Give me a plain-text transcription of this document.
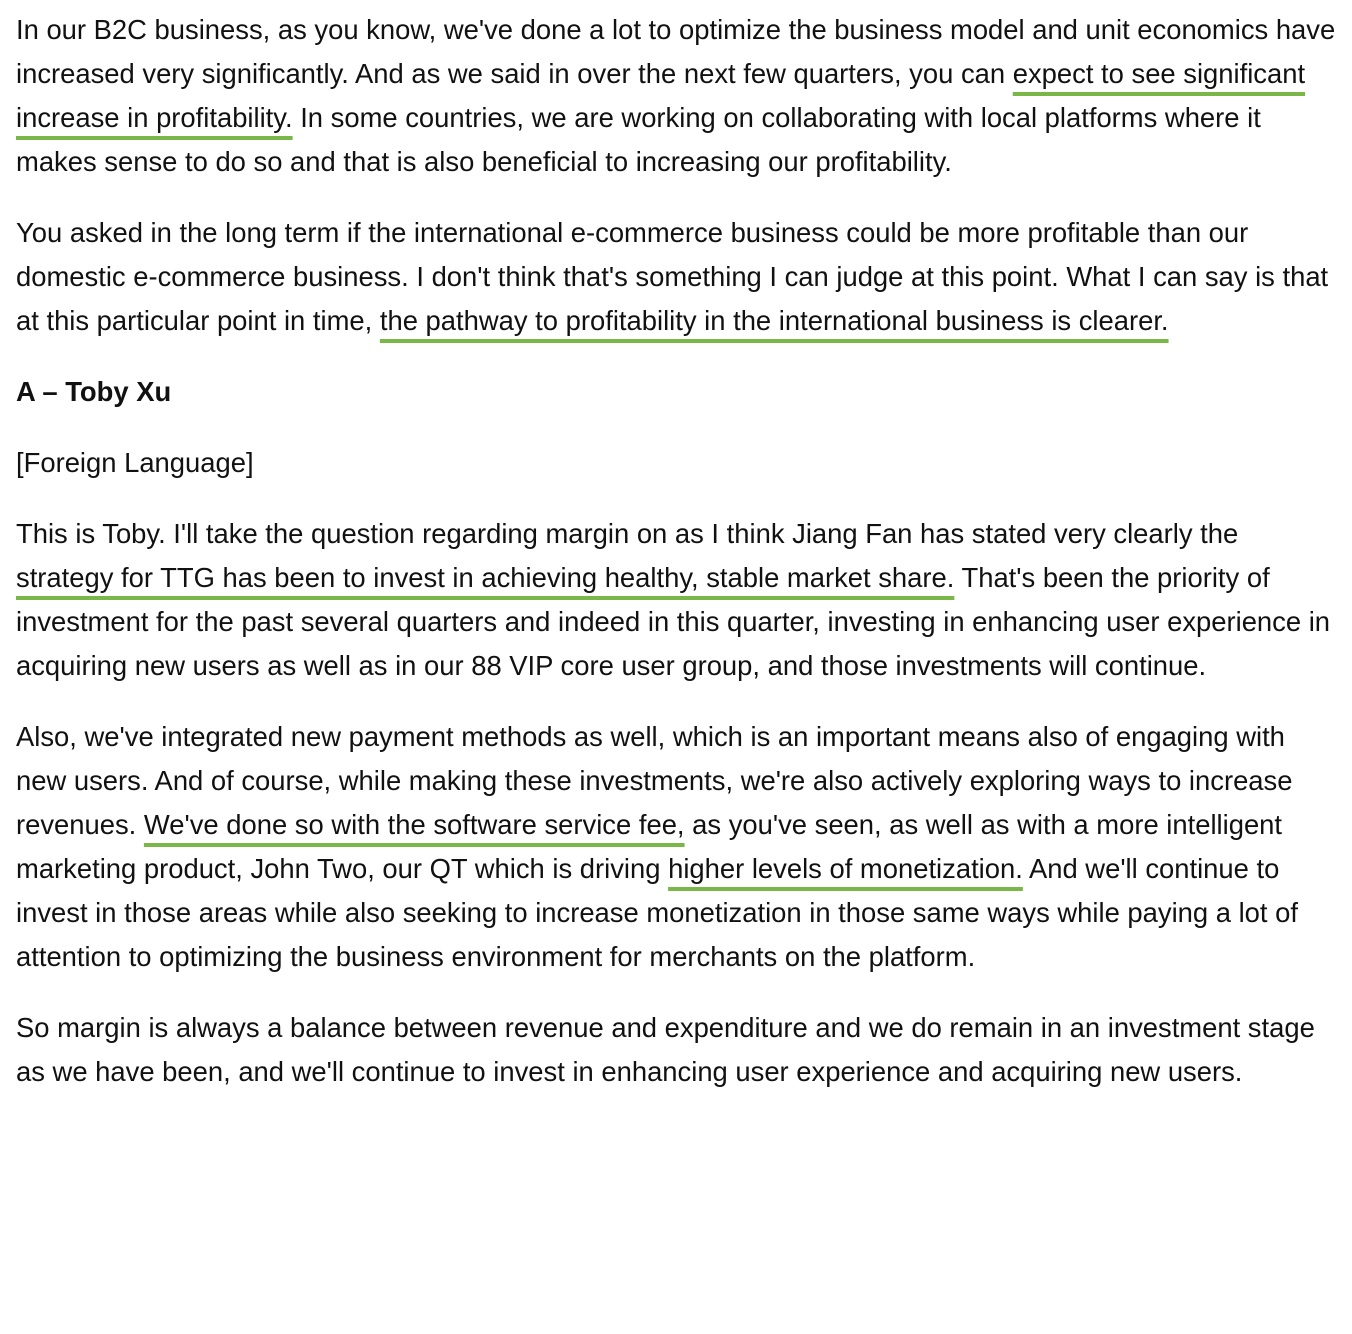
In our B2C business, as you know, we've done a lot to optimize the business model and unit economics have increased very significantly. And as we said in over the next few quarters, you can expect to see significant increase in profitability. In some countries, we are working on collaborating with local platforms where it makes sense to do so and that is also beneficial to increasing our profitability.

You asked in the long term if the international e-commerce business could be more profitable than our domestic e-commerce business. I don't think that's something I can judge at this point. What I can say is that at this particular point in time, the pathway to profitability in the international business is clearer.

A – Toby Xu

[Foreign Language]

This is Toby. I'll take the question regarding margin on as I think Jiang Fan has stated very clearly the strategy for TTG has been to invest in achieving healthy, stable market share. That's been the priority of investment for the past several quarters and indeed in this quarter, investing in enhancing user experience in acquiring new users as well as in our 88 VIP core user group, and those investments will continue.

Also, we've integrated new payment methods as well, which is an important means also of engaging with new users. And of course, while making these investments, we're also actively exploring ways to increase revenues. We've done so with the software service fee, as you've seen, as well as with a more intelligent marketing product, John Two, our QT which is driving higher levels of monetization. And we'll continue to invest in those areas while also seeking to increase monetization in those same ways while paying a lot of attention to optimizing the business environment for merchants on the platform.

So margin is always a balance between revenue and expenditure and we do remain in an investment stage as we have been, and we'll continue to invest in enhancing user experience and acquiring new users.
